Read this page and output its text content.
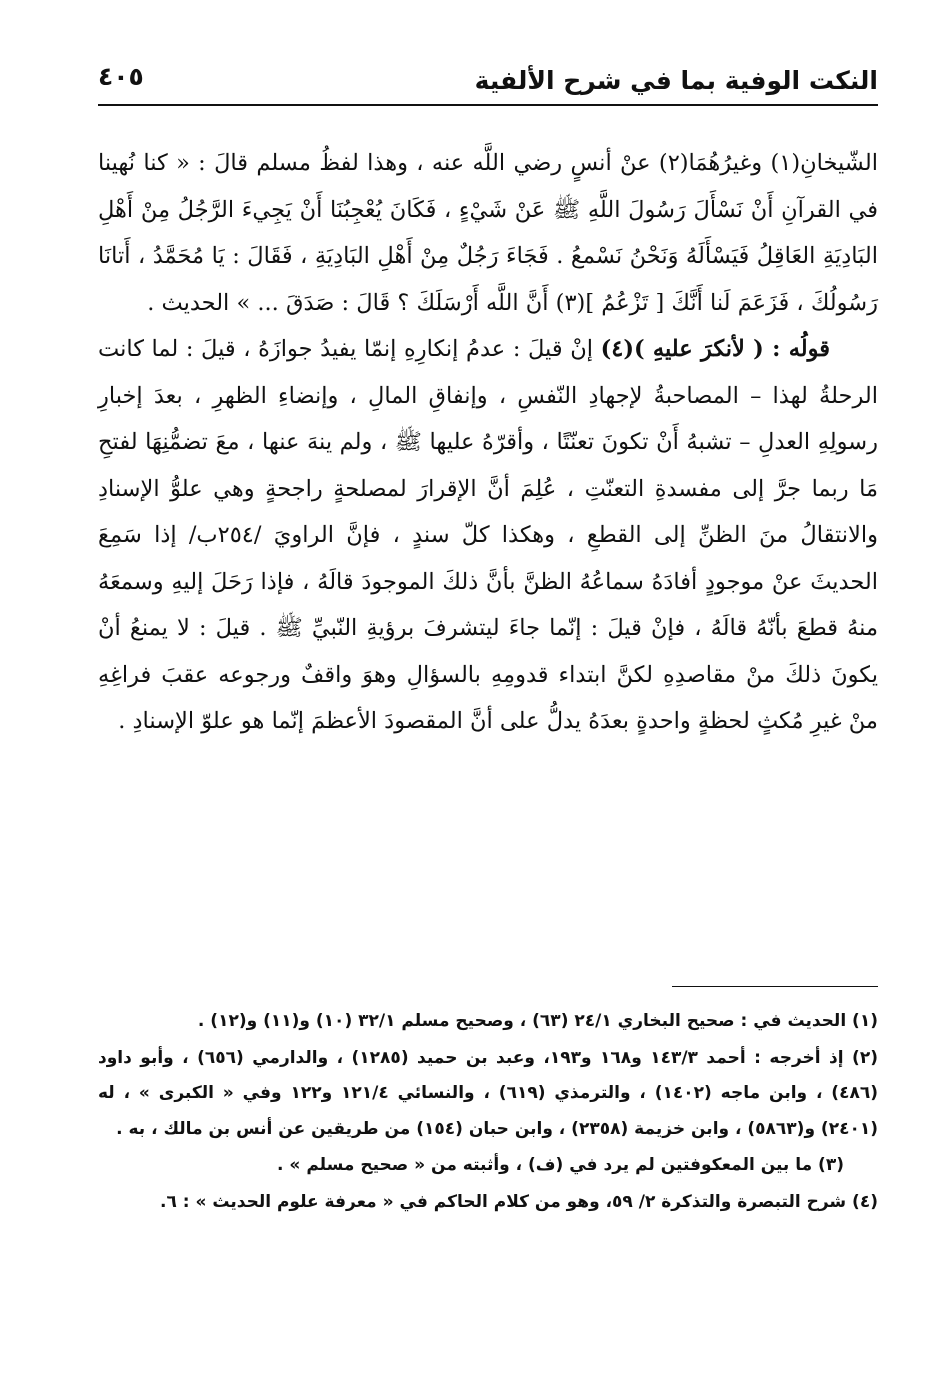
النكت الوفية بما في شرح الألفية
٤٠٥

الشّيخانِ(١) وغيرُهُمَا(٢) عنْ أنسٍ رضي اللَّه عنه ، وهذا لفظُ مسلم قالَ : « كنا نُهينا في القرآنِ أَنْ نَسْأَلَ رَسُولَ اللَّهِ ﷺ عَنْ شَيْءٍ ، فَكَانَ يُعْجِبُنَا أَنْ يَجِيءَ الرَّجُلُ مِنْ أَهْلِ البَادِيَةِ العَاقِلُ فَيَسْأَلَهُ وَنَحْنُ نَسْمعُ . فَجَاءَ رَجُلٌ مِنْ أَهْلِ البَادِيَةِ ، فَقَالَ : يَا مُحَمَّدُ ، أَتانَا رَسُولُكَ ، فَزَعَمَ لَنا أَنَّكَ [ تَزْعُمُ ](٣) أَنَّ اللَّه أَرْسَلَكَ ؟ قَالَ : صَدَقَ ... » الحديث .

قولُه : ( لأنكرَ عليهِ )(٤) إنْ قيلَ : عدمُ إنكارِهِ إنمّا يفيدُ جوازَهُ ، قيلَ : لما كانت الرحلةُ لهذا – المصاحبةُ لإجهادِ النّفسِ ، وإنفاقِ المالِ ، وإنضاءِ الظهرِ ، بعدَ إخبارِ رسولِهِ العدلِ – تشبهُ أَنْ تكونَ تعنّتًا ، وأقرّهُ عليها ﷺ ، ولم ينهَ عنها ، معَ تضمُّنِهَا لفتحِ مَا ربما جرَّ إلى مفسدةِ التعنّتِ ، عُلِمَ أنَّ الإقرارَ لمصلحةٍ راجحةٍ وهي علوُّ الإسنادِ والانتقالُ منَ الظنِّ إلى القطعِ ، وهكذا كلّ سندٍ ، فإنَّ الراويَ /٢٥٤ب/ إذا سَمِعَ الحديثَ عنْ موجودٍ أفادَهُ سماعُهُ الظنَّ بأنَّ ذلكَ الموجودَ قالَهُ ، فإذا رَحَلَ إليهِ وسمعَهُ منهُ قطعَ بأنّهُ قالَهُ ، فإنْ قيلَ : إنّما جاءَ ليتشرفَ برؤيةِ النّبيِّ ﷺ . قيلَ : لا يمنعُ أنْ يكونَ ذلكَ منْ مقاصدِهِ لكنَّ ابتداء قدومِهِ بالسؤالِ وهوَ واقفٌ ورجوعه عقبَ فراغِهِ منْ غيرِ مُكثٍ لحظةٍ واحدةٍ بعدَهُ يدلُّ على أنَّ المقصودَ الأعظمَ إنّما هو علوّ الإسنادِ .

(١) الحديث في : صحيح البخاري ٢٤/١ (٦٣) ، وصحيح مسلم ٣٢/١ (١٠) و(١١) و(١٢) .

(٢) إذ أخرجه : أحمد ١٤٣/٣ و١٦٨ و١٩٣، وعبد بن حميد (١٢٨٥) ، والدارمي (٦٥٦) ، وأبو داود (٤٨٦) ، وابن ماجه (١٤٠٢) ، والترمذي (٦١٩) ، والنسائي ١٢١/٤ و١٢٢ وفي « الكبرى » ، له (٢٤٠١) و(٥٨٦٣) ، وابن خزيمة (٢٣٥٨) ، وابن حبان (١٥٤) من طريقين عن أنس بن مالك ، به .

(٣) ما بين المعكوفتين لم يرد في (ف) ، وأثبته من « صحيح مسلم » .

(٤) شرح التبصرة والتذكرة ٢/ ٥٩، وهو من كلام الحاكم في « معرفة علوم الحديث » : ٦.
